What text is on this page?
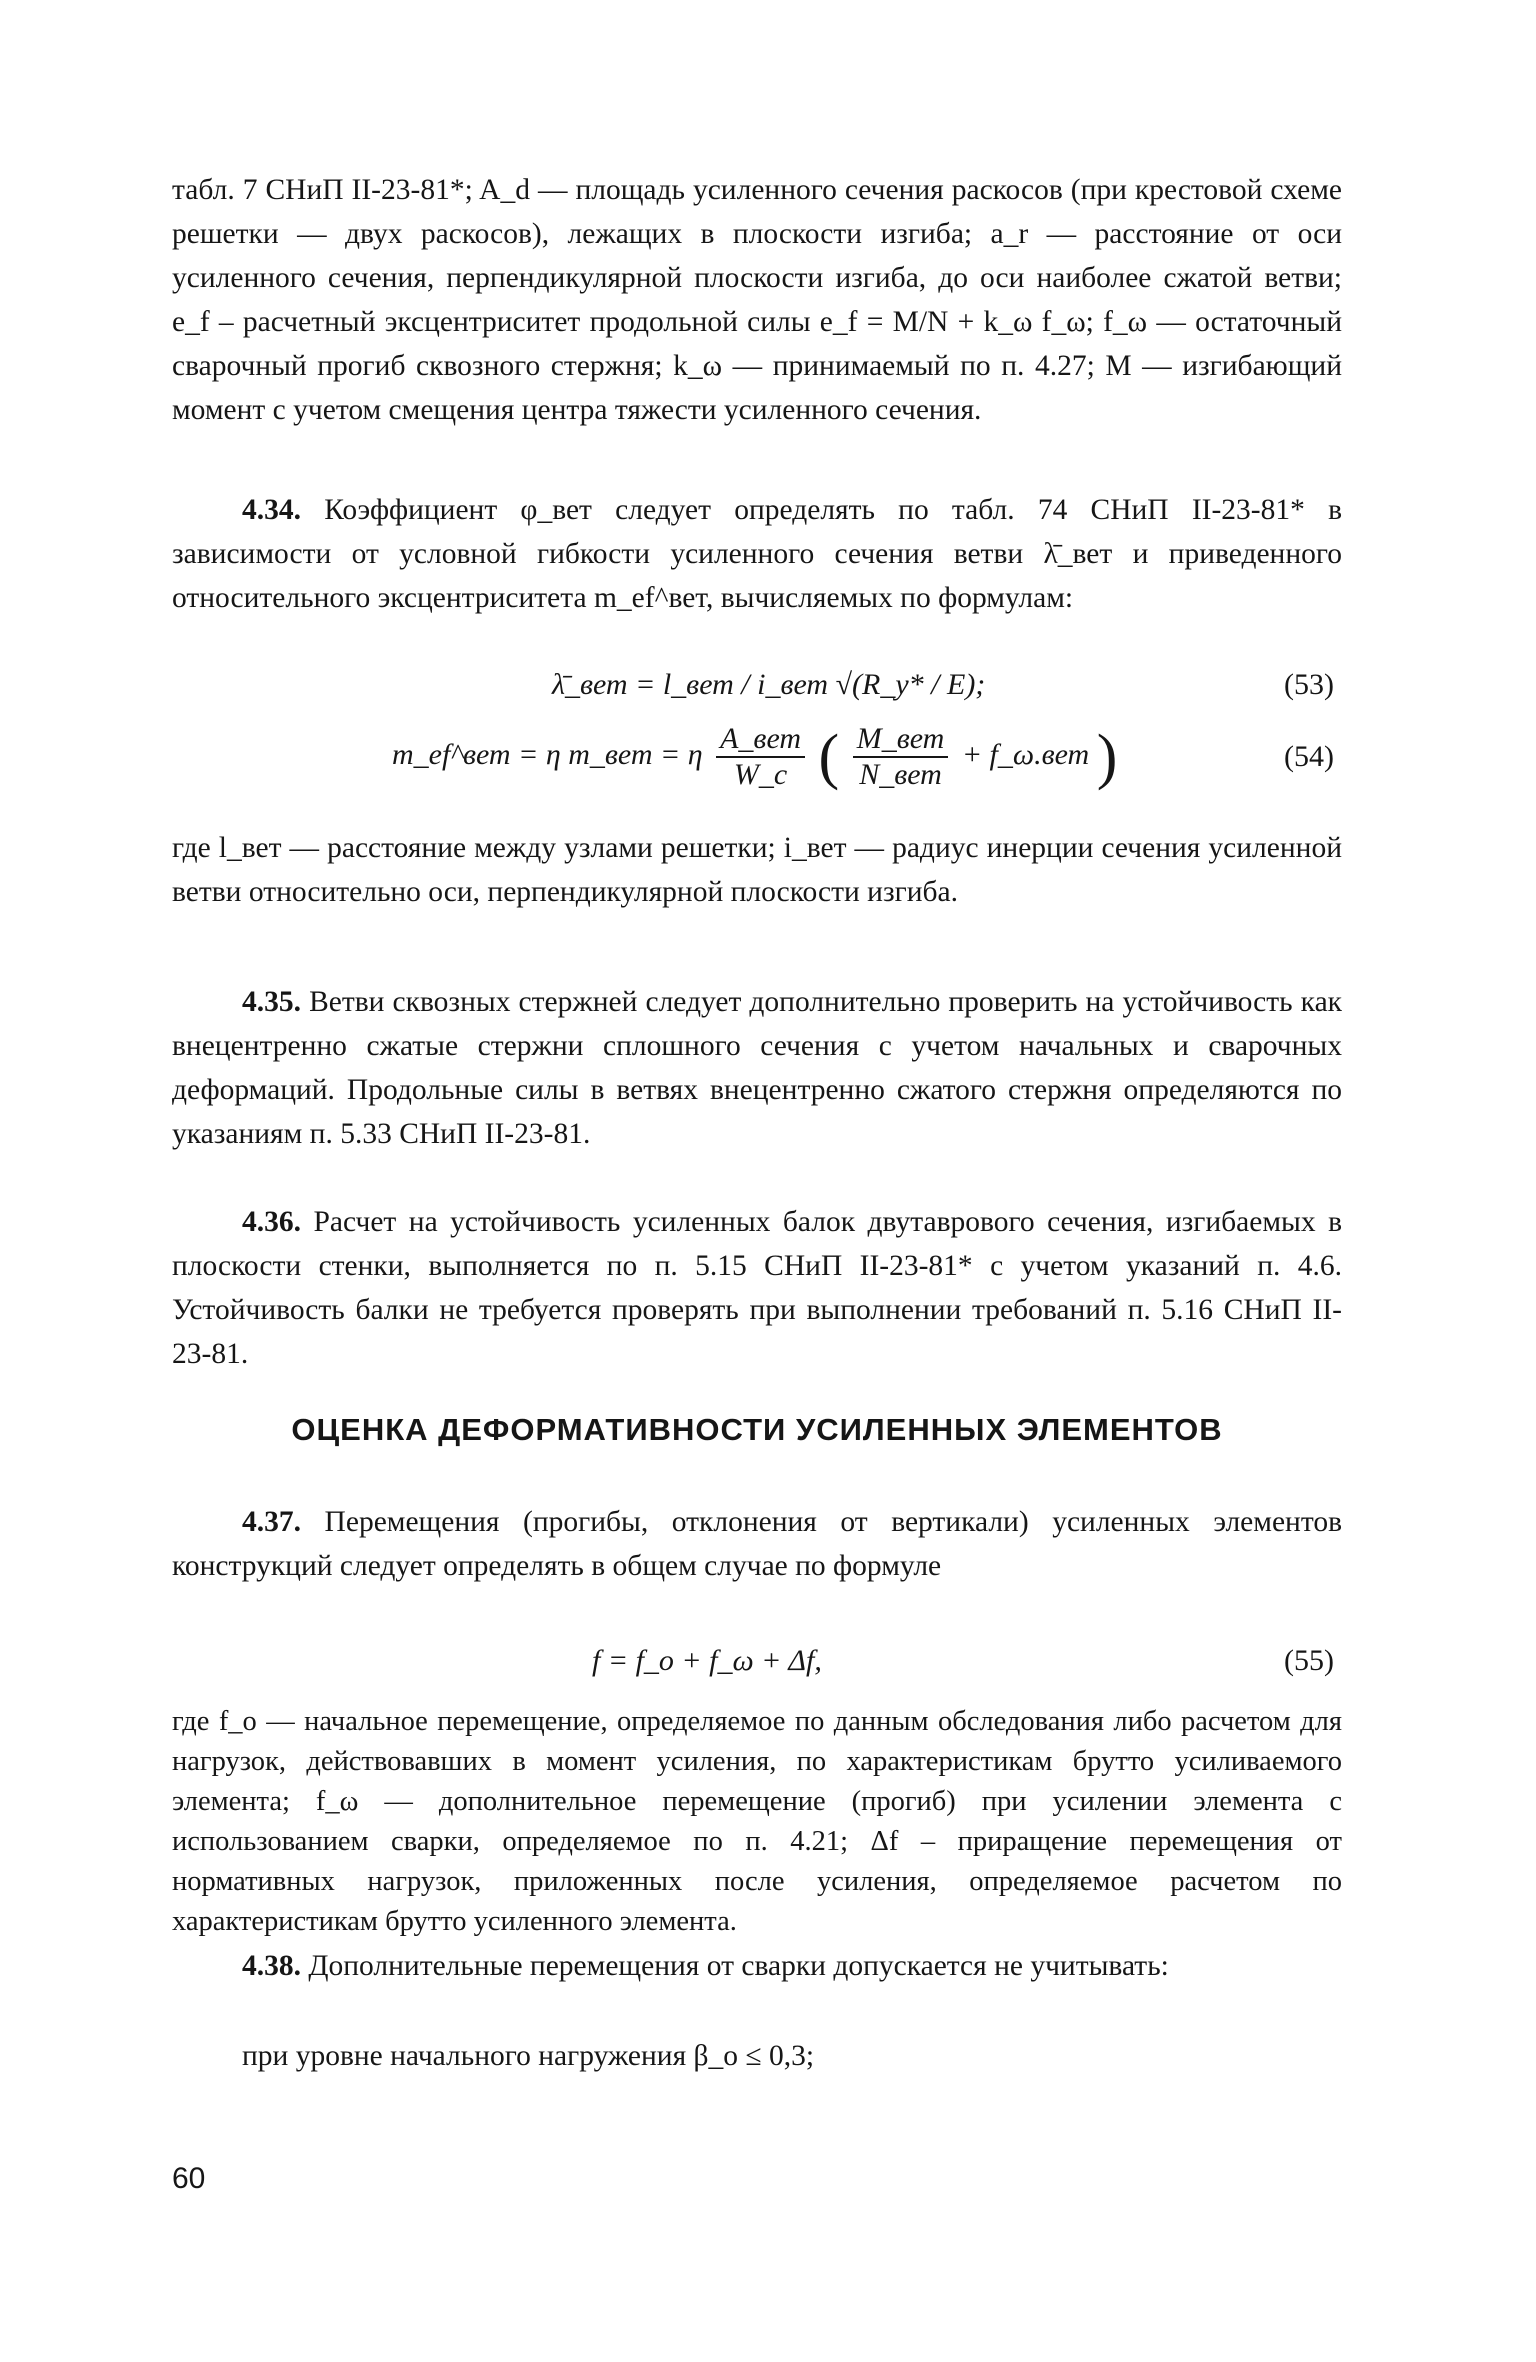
табл. 7 СНиП II-23-81*; A_d — площадь усиленного сечения раскосов (при крестовой схеме решетки — двух раскосов), лежащих в плоскости изгиба; a_r — расстояние от оси усиленного сечения, перпендикулярной плоскости изгиба, до оси наиболее сжатой ветви; e_f – расчетный эксцентриситет продольной силы e_f = M/N + k_ω f_ω; f_ω — остаточный сварочный прогиб сквозного стержня; k_ω — принимаемый по п. 4.27; M — изгибающий момент с учетом смещения центра тяжести усиленного сечения.

4.34. Коэффициент φ_вет следует определять по табл. 74 СНиП II-23-81* в зависимости от условной гибкости усиленного сечения ветви λ̄_вет и приведенного относительного эксцентриситета m_ef^вет, вычисляемых по формулам:

λ̄_вет = l_вет / i_вет √(R_y* / E);	(53)
m_ef^вет = η m_вет = η $\frac{\text{A\_вет}}{W\_c}$ ( $\frac{\text{M\_вет}}{\text{N\_вет}}$ + f_ω.вет )	(54)

где l_вет — расстояние между узлами решетки; i_вет — радиус инерции сечения усиленной ветви относительно оси, перпендикулярной плоскости изгиба.

4.35. Ветви сквозных стержней следует дополнительно проверить на устойчивость как внецентренно сжатые стержни сплошного сечения с учетом начальных и сварочных деформаций. Продольные силы в ветвях внецентренно сжатого стержня определяются по указаниям п. 5.33 СНиП II-23-81.

4.36. Расчет на устойчивость усиленных балок двутаврового сечения, изгибаемых в плоскости стенки, выполняется по п. 5.15 СНиП II-23-81* с учетом указаний п. 4.6. Устойчивость балки не требуется проверять при выполнении требований п. 5.16 СНиП II-23-81.

ОЦЕНКА ДЕФОРМАТИВНОСТИ УСИЛЕННЫХ ЭЛЕМЕНТОВ

4.37. Перемещения (прогибы, отклонения от вертикали) усиленных элементов конструкций следует определять в общем случае по формуле

f = f_o + f_ω + Δf,	(55)

где f_o — начальное перемещение, определяемое по данным обследования либо расчетом для нагрузок, действовавших в момент усиления, по характеристикам брутто усиливаемого элемента; f_ω — дополнительное перемещение (прогиб) при усилении элемента с использованием сварки, определяемое по п. 4.21; Δf – приращение перемещения от нормативных нагрузок, приложенных после усиления, определяемое расчетом по характеристикам брутто усиленного элемента.

4.38. Дополнительные перемещения от сварки допускается не учитывать:

при уровне начального нагружения β_o ≤ 0,3;

60
